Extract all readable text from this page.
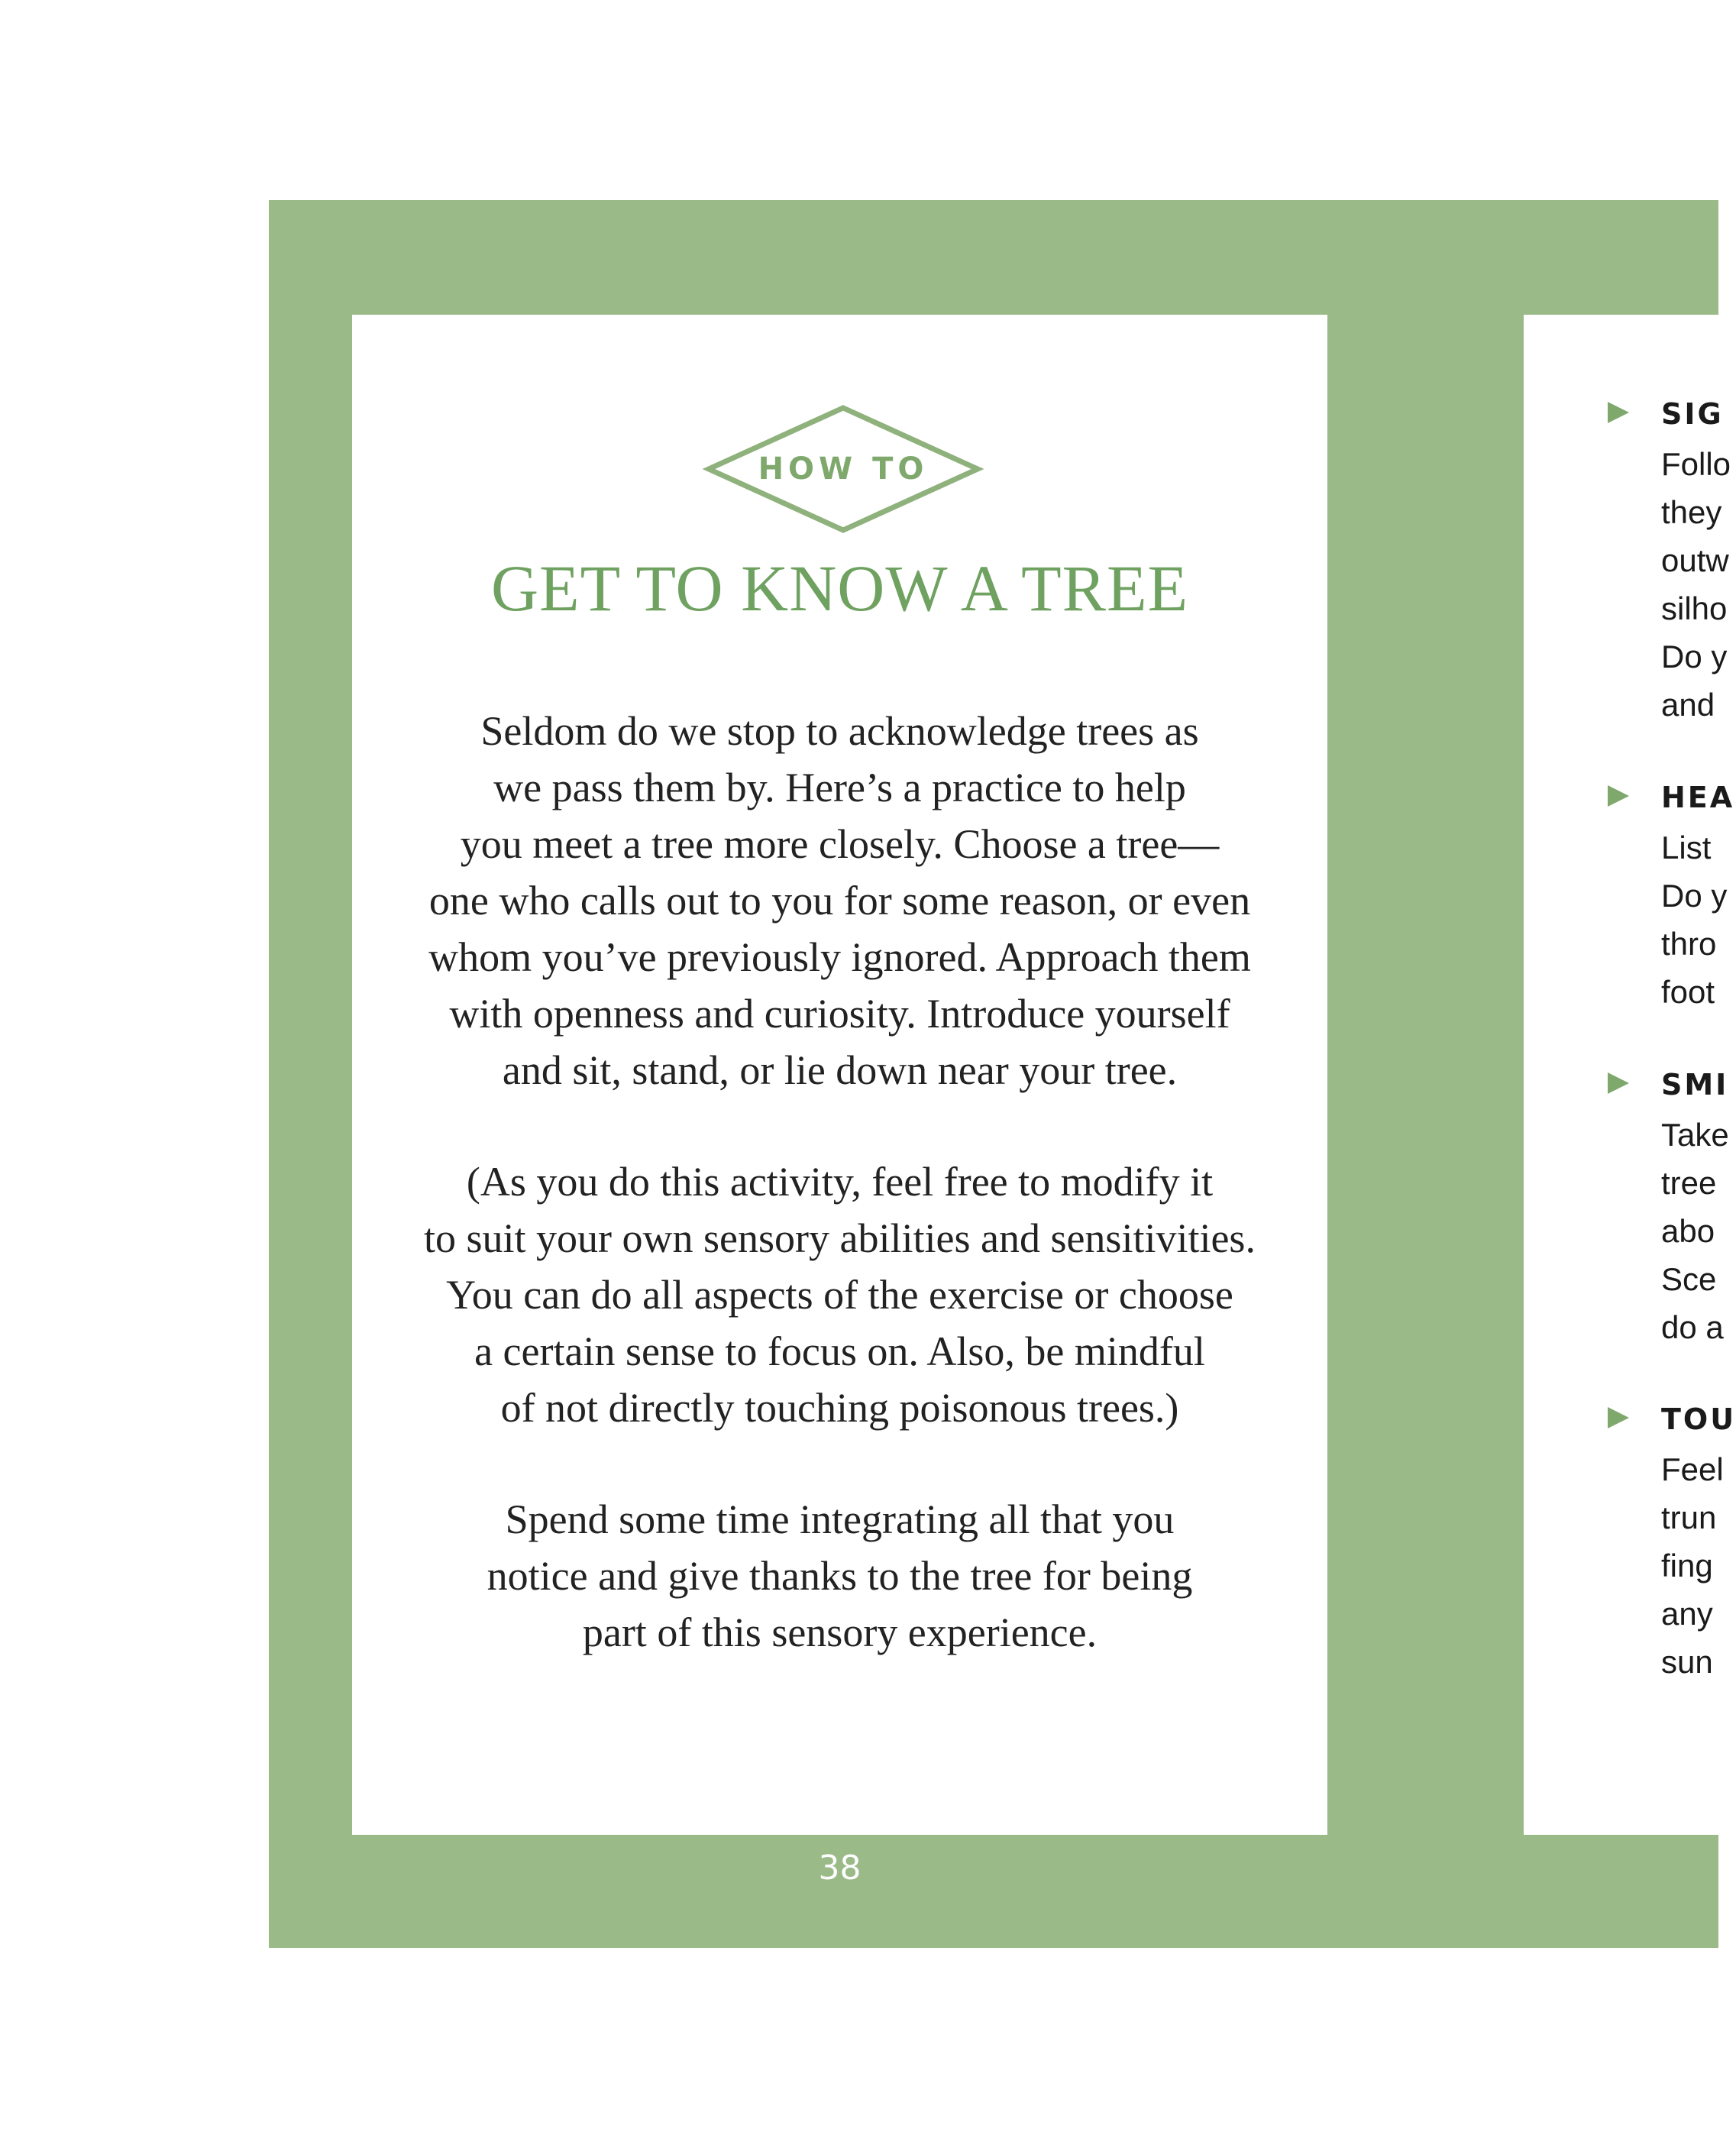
HOW TO
GET TO KNOW A TREE
Seldom do we stop to acknowledge trees as
we pass them by. Here’s a practice to help
you meet a tree more closely. Choose a tree—
one who calls out to you for some reason, or even
whom you’ve previously ignored. Approach them
with openness and curiosity. Introduce yourself
and sit, stand, or lie down near your tree.
(As you do this activity, feel free to modify it
to suit your own sensory abilities and sensitivities.
You can do all aspects of the exercise or choose
a certain sense to focus on. Also, be mindful
of not directly touching poisonous trees.)
Spend some time integrating all that you
notice and give thanks to the tree for being
part of this sensory experience.
38
SIG
Follo
they
outw
silho
Do y
and
HEA
List
Do y
thro
foot
SMI
Take
tree
abo
Sce
do a
TOU
Feel
trun
fing
any
sun
